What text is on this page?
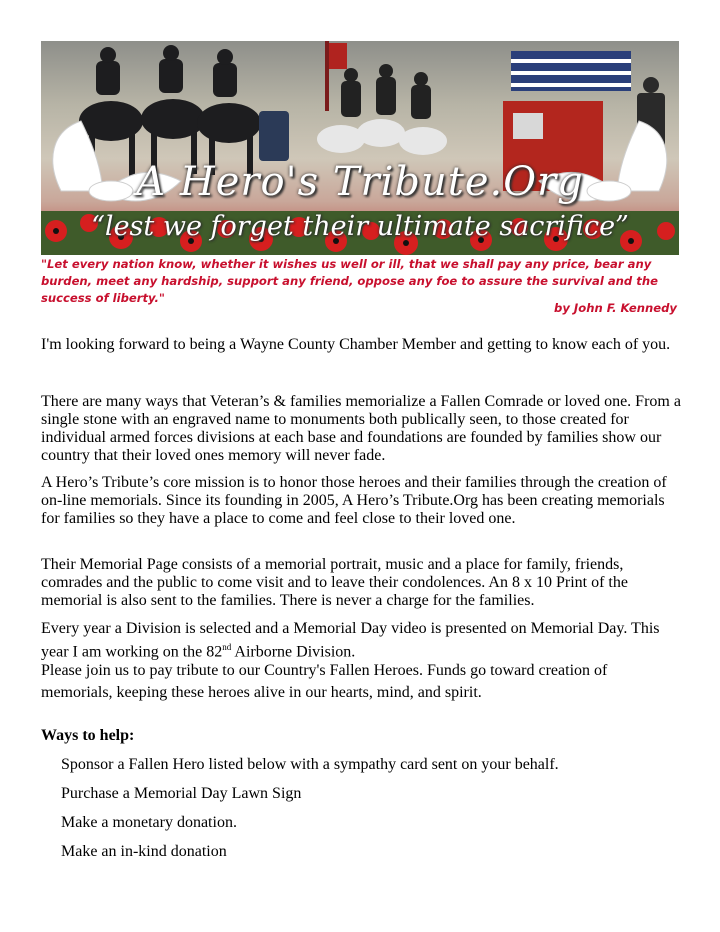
A Hero's Tribute.Org
“lest we forget their ultimate sacrifice”

"Let every nation know, whether it wishes us well or ill, that we shall pay any price, bear any burden, meet any hardship, support any friend, oppose any foe to assure the survival and the success of liberty."

by John F. Kennedy

I'm looking forward to being a Wayne County Chamber Member and getting to know each of you.

There are many ways that Veteran’s & families memorialize a Fallen Comrade or loved one. From a single stone with an engraved name to monuments both publically seen, to those created for individual armed forces divisions at each base and foundations are founded by families show our country that their loved ones memory will never fade.

A Hero’s Tribute’s core mission is to honor those heroes and their families through the creation of on-line memorials. Since its founding in 2005, A Hero’s Tribute.Org has been creating memorials for families so they have a place to come and feel close to their loved one.

Their Memorial Page consists of a memorial portrait, music and a place for family, friends, comrades and the public to come visit and to leave their condolences. An 8 x 10 Print of the memorial is also sent to the families. There is never a charge for the families.

Every year a Division is selected and a Memorial Day video is presented on Memorial Day. This year I am working on the 82nd Airborne Division.

Please join us to pay tribute to our Country's Fallen Heroes. Funds go toward creation of memorials, keeping these heroes alive in our hearts, mind, and spirit.

Ways to help:

Sponsor a Fallen Hero listed below with a sympathy card sent on your behalf.
Purchase a Memorial Day Lawn Sign
Make a monetary donation.
Make an in-kind donation
